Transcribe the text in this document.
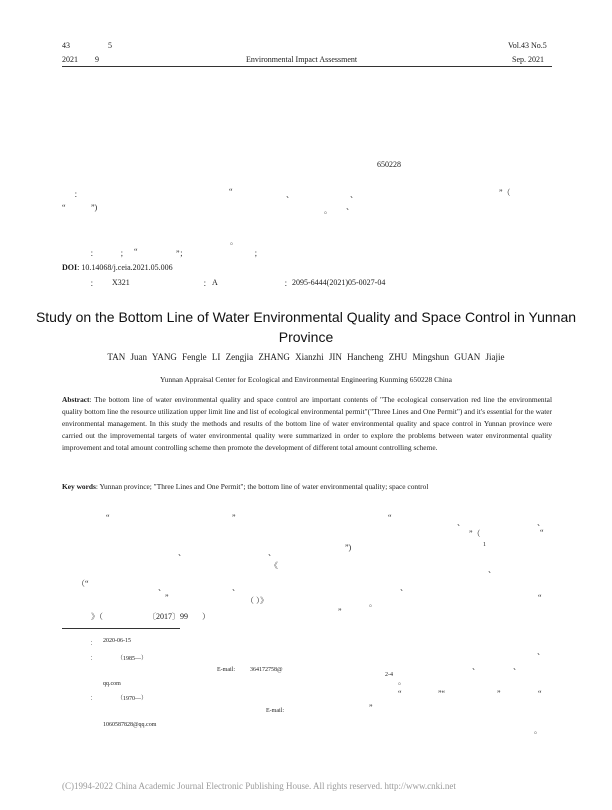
43	5
2021 9	Environmental Impact Assessment
Vol.43 No.5
Sep. 2021
650228
：	“	、	、	”（
“	”)	。 、
。
：	； “	”；	；
DOI: 10.14068/j.ceia.2021.05.006
： X321	： A	： 2095-6444(2021)05-0027-04
Study on the Bottom Line of Water Environmental Quality and Space Control in Yunnan Province
TAN Juan YANG Fengle LI Zengjia ZHANG Xianzhi JIN Hancheng ZHU Mingshun GUAN Jiajie
Yunnan Appraisal Center for Ecological and Environmental Engineering Kunming 650228 China
Abstract: The bottom line of water environmental quality and space control are important contents of "The ecological conservation red line the environmental quality bottom line the resource utilization upper limit line and list of ecological environmental permit"("Three Lines and One Permit") and it's essential for the water environmental management. In this study the methods and results of the bottom line of water environmental quality and space control in Yunnan province were carried out the improvemental targets of water environmental quality were summarized in order to explore the problems between water environmental quality improvement and total amount controlling scheme then promote the development of different total amount controlling scheme.
Key words: Yunnan province; "Three Lines and One Permit"; the bottom line of water environmental quality; space control
“	”	“
、	、
”（	“
、	、
”)	1
《	、
（“	、	、	、
”	（ ）》	。
“
》（	〔2017〕99 ）
”
： 2020-06-15
：	（1985—）
E-mail:	364172758@
qq.com
：	（1970—）
E-mail:
1060587828@qq.com
、
、	、
2-4
。
“	”“	”	“
”
。
(C)1994-2022 China Academic Journal Electronic Publishing House. All rights reserved. http://www.cnki.net
